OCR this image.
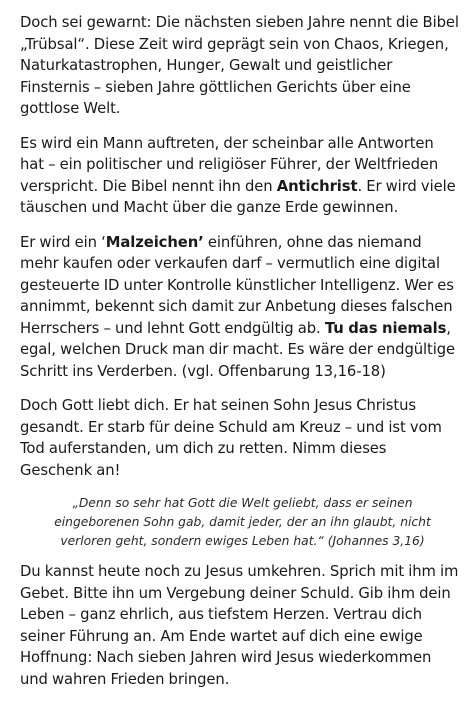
Doch sei gewarnt: Die nächsten sieben Jahre nennt die Bibel „Trübsal“. Diese Zeit wird geprägt sein von Chaos, Kriegen, Naturkatastrophen, Hunger, Gewalt und geistlicher Finsternis – sieben Jahre göttlichen Gerichts über eine gottlose Welt.

Es wird ein Mann auftreten, der scheinbar alle Antworten hat – ein politischer und religiöser Führer, der Weltfrieden verspricht. Die Bibel nennt ihn den Antichrist. Er wird viele täuschen und Macht über die ganze Erde gewinnen.

Er wird ein ‘Malzeichen’ einführen, ohne das niemand mehr kaufen oder verkaufen darf – vermutlich eine digital gesteuerte ID unter Kontrolle künstlicher Intelligenz. Wer es annimmt, bekennt sich damit zur Anbetung dieses falschen Herrschers – und lehnt Gott endgültig ab. Tu das niemals, egal, welchen Druck man dir macht. Es wäre der endgültige Schritt ins Verderben. (vgl. Offenbarung 13,16-18)

Doch Gott liebt dich. Er hat seinen Sohn Jesus Christus gesandt. Er starb für deine Schuld am Kreuz – und ist vom Tod auferstanden, um dich zu retten. Nimm dieses Geschenk an!

„Denn so sehr hat Gott die Welt geliebt, dass er seinen eingeborenen Sohn gab, damit jeder, der an ihn glaubt, nicht verloren geht, sondern ewiges Leben hat.“ (Johannes 3,16)

Du kannst heute noch zu Jesus umkehren. Sprich mit ihm im Gebet. Bitte ihn um Vergebung deiner Schuld. Gib ihm dein Leben – ganz ehrlich, aus tiefstem Herzen. Vertrau dich seiner Führung an. Am Ende wartet auf dich eine ewige Hoffnung: Nach sieben Jahren wird Jesus wiederkommen und wahren Frieden bringen.
